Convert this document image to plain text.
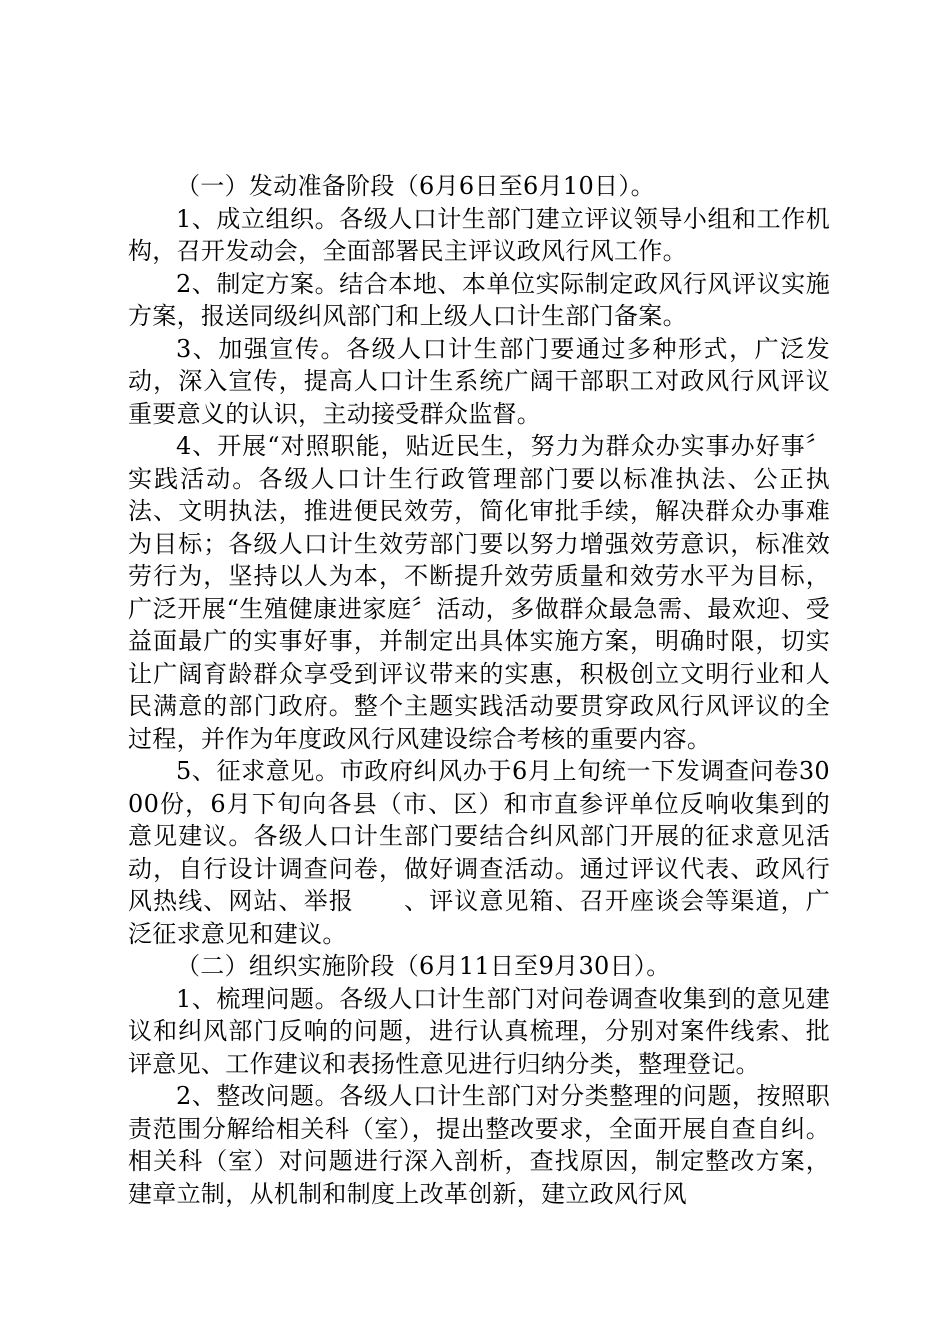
（一）发动准备阶段（6月6日至6月10日）。

1、成立组织。各级人口计生部门建立评议领导小组和工作机构，召开发动会，全面部署民主评议政风行风工作。

2、制定方案。结合本地、本单位实际制定政风行风评议实施方案，报送同级纠风部门和上级人口计生部门备案。

3、加强宣传。各级人口计生部门要通过多种形式，广泛发动，深入宣传，提高人口计生系统广阔干部职工对政风行风评议重要意义的认识，主动接受群众监督。

4、开展“对照职能，贴近民生，努力为群众办实事办好事〞实践活动。各级人口计生行政管理部门要以标准执法、公正执法、文明执法，推进便民效劳，简化审批手续，解决群众办事难为目标；各级人口计生效劳部门要以努力增强效劳意识，标准效劳行为，坚持以人为本，不断提升效劳质量和效劳水平为目标，广泛开展“生殖健康进家庭〞活动，多做群众最急需、最欢迎、受益面最广的实事好事，并制定出具体实施方案，明确时限，切实让广阔育龄群众享受到评议带来的实惠，积极创立文明行业和人民满意的部门政府。整个主题实践活动要贯穿政风行风评议的全过程，并作为年度政风行风建设综合考核的重要内容。

5、征求意见。市政府纠风办于6月上旬统一下发调查问卷3000份，6月下旬向各县（市、区）和市直参评单位反响收集到的意见建议。各级人口计生部门要结合纠风部门开展的征求意见活动，自行设计调查问卷，做好调查活动。通过评议代表、政风行风热线、网站、举报　　、评议意见箱、召开座谈会等渠道，广泛征求意见和建议。

（二）组织实施阶段（6月11日至9月30日）。

1、梳理问题。各级人口计生部门对问卷调查收集到的意见建议和纠风部门反响的问题，进行认真梳理，分别对案件线索、批评意见、工作建议和表扬性意见进行归纳分类，整理登记。

2、整改问题。各级人口计生部门对分类整理的问题，按照职责范围分解给相关科（室），提出整改要求，全面开展自查自纠。相关科（室）对问题进行深入剖析，查找原因，制定整改方案，建章立制，从机制和制度上改革创新，建立政风行风
